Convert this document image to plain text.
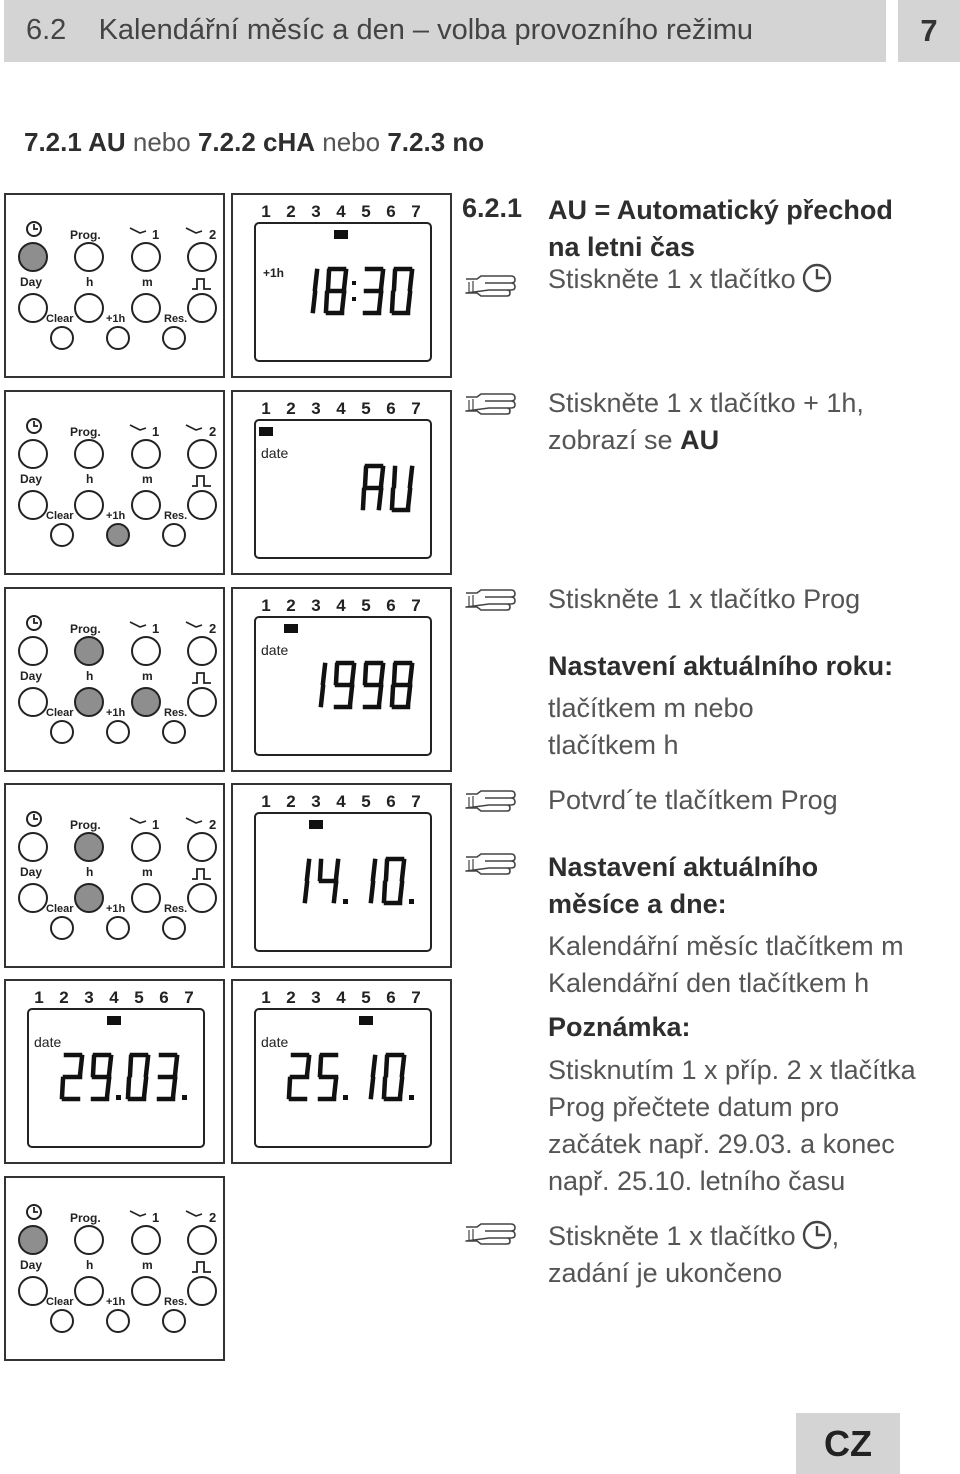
6.2 Kalendářní měsíc a den – volba provozního režimu	7
7.2.1 AU nebo 7.2.2 cHA nebo 7.2.3 no
Prog.	1	2
Day	h	m
Clear	+1h	Res.
1 2 3 4 5 6 7
+1h
Prog.	1	2
Day	h	m
Clear	+1h	Res.
1 2 3 4 5 6 7
date
Prog.	1	2
Day	h	m
Clear	+1h	Res.
1 2 3 4 5 6 7
date
Prog.	1	2
Day	h	m
Clear	+1h	Res.
1 2 3 4 5 6 7
1 2 3 4 5 6 7
date
1 2 3 4 5 6 7
date
Prog.	1	2
Day	h	m
Clear	+1h	Res.
6.2.1 AU = Automatický přechod
na letni čas
Stiskněte 1 x tlačítko
Stiskněte 1 x tlačítko + 1h,
zobrazí se AU
Stiskněte 1 x tlačítko Prog
Nastavení aktuálního roku:
tlačítkem m nebo
tlačítkem h
Potvrd´te tlačítkem Prog
Nastavení aktuálního
měsíce a dne:
Kalendářní měsíc tlačítkem m
Kalendářní den tlačítkem h
Poznámka:
Stisknutím 1 x příp. 2 x tlačítka
Prog přečtete datum pro
začátek např. 29.03. a konec
např. 25.10. letního času
Stiskněte 1 x tlačítko ,
zadání je ukončeno
CZ
